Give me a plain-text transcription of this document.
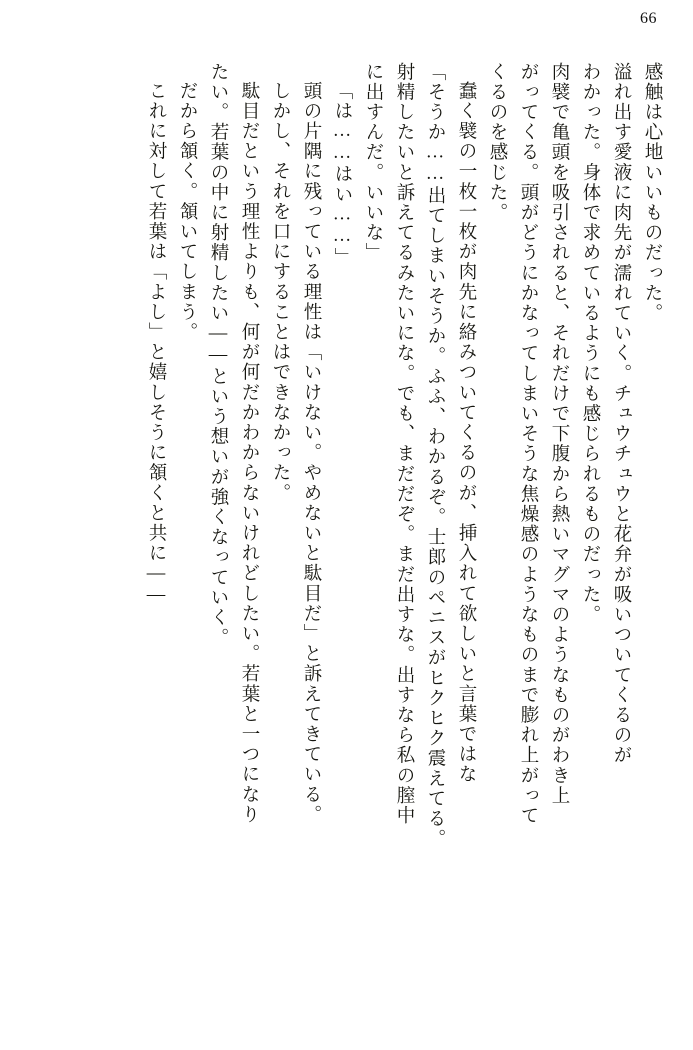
66
感触は心地いいものだった。
溢れ出す愛液に肉先が濡れていく。チュウチュウと花弁が吸いついてくるのが
わかった。身体で求めているようにも感じられるものだった。
肉襞で亀頭を吸引されると、それだけで下腹から熱いマグマのようなものがわき上
がってくる。頭がどうにかなってしまいそうな焦燥感のようなものまで膨れ上がって
くるのを感じた。
蠢く襞の一枚一枚が肉先に絡みついてくるのが、挿入れて欲しいと言葉ではな
「そうか……出てしまいそうか。ふふ、わかるぞ。士郎のペニスがヒクヒク震えてる。
射精したいと訴えてるみたいにな。でも、まだだぞ。まだ出すな。出すなら私の膣中
に出すんだ。いいな」
「は……はい……」
頭の片隅に残っている理性は「いけない。やめないと駄目だ」と訴えてきている。
しかし、それを口にすることはできなかった。
駄目だという理性よりも、何が何だかわからないけれどしたい。若葉と一つになり
たい。若葉の中に射精したい――という想いが強くなっていく。
だから頷く。頷いてしまう。
これに対して若葉は「よし」と嬉しそうに頷くと共に――
